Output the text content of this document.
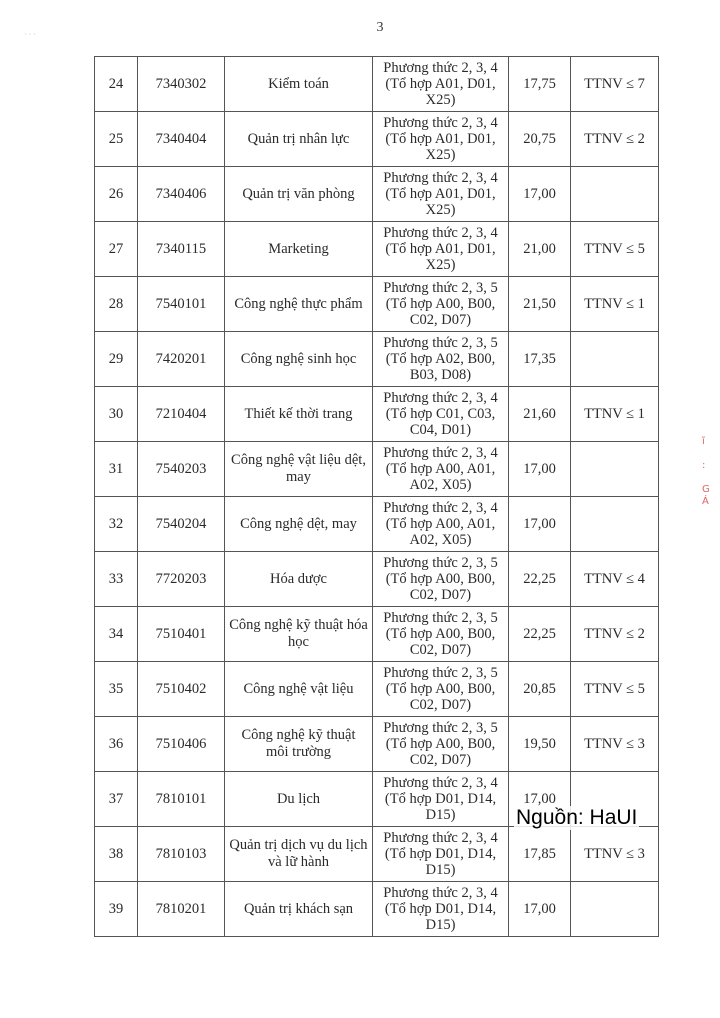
· · ·	3
24	7340302	Kiểm toán	Phương thức 2, 3, 4 (Tổ hợp A01, D01, X25)	17,75	TTNV ≤ 7
25	7340404	Quản trị nhân lực	Phương thức 2, 3, 4 (Tổ hợp A01, D01, X25)	20,75	TTNV ≤ 2
26	7340406	Quản trị văn phòng	Phương thức 2, 3, 4 (Tổ hợp A01, D01, X25)	17,00	
27	7340115	Marketing	Phương thức 2, 3, 4 (Tổ hợp A01, D01, X25)	21,00	TTNV ≤ 5
28	7540101	Công nghệ thực phẩm	Phương thức 2, 3, 5 (Tổ hợp A00, B00, C02, D07)	21,50	TTNV ≤ 1
29	7420201	Công nghệ sinh học	Phương thức 2, 3, 5 (Tổ hợp A02, B00, B03, D08)	17,35	
30	7210404	Thiết kế thời trang	Phương thức 2, 3, 4 (Tổ hợp C01, C03, C04, D01)	21,60	TTNV ≤ 1
31	7540203	Công nghệ vật liệu dệt, may	Phương thức 2, 3, 4 (Tổ hợp A00, A01, A02, X05)	17,00	
32	7540204	Công nghệ dệt, may	Phương thức 2, 3, 4 (Tổ hợp A00, A01, A02, X05)	17,00	
33	7720203	Hóa dược	Phương thức 2, 3, 5 (Tổ hợp A00, B00, C02, D07)	22,25	TTNV ≤ 4
34	7510401	Công nghệ kỹ thuật hóa học	Phương thức 2, 3, 5 (Tổ hợp A00, B00, C02, D07)	22,25	TTNV ≤ 2
35	7510402	Công nghệ vật liệu	Phương thức 2, 3, 5 (Tổ hợp A00, B00, C02, D07)	20,85	TTNV ≤ 5
36	7510406	Công nghệ kỹ thuật môi trường	Phương thức 2, 3, 5 (Tổ hợp A00, B00, C02, D07)	19,50	TTNV ≤ 3
37	7810101	Du lịch	Phương thức 2, 3, 4 (Tổ hợp D01, D14, D15)	17,00	
38	7810103	Quản trị dịch vụ du lịch và lữ hành	Phương thức 2, 3, 4 (Tổ hợp D01, D14, D15)	17,85	TTNV ≤ 3
39	7810201	Quản trị khách sạn	Phương thức 2, 3, 4 (Tổ hợp D01, D14, D15)	17,00	
Nguồn: HaUI
ĩ

:

G
Á
